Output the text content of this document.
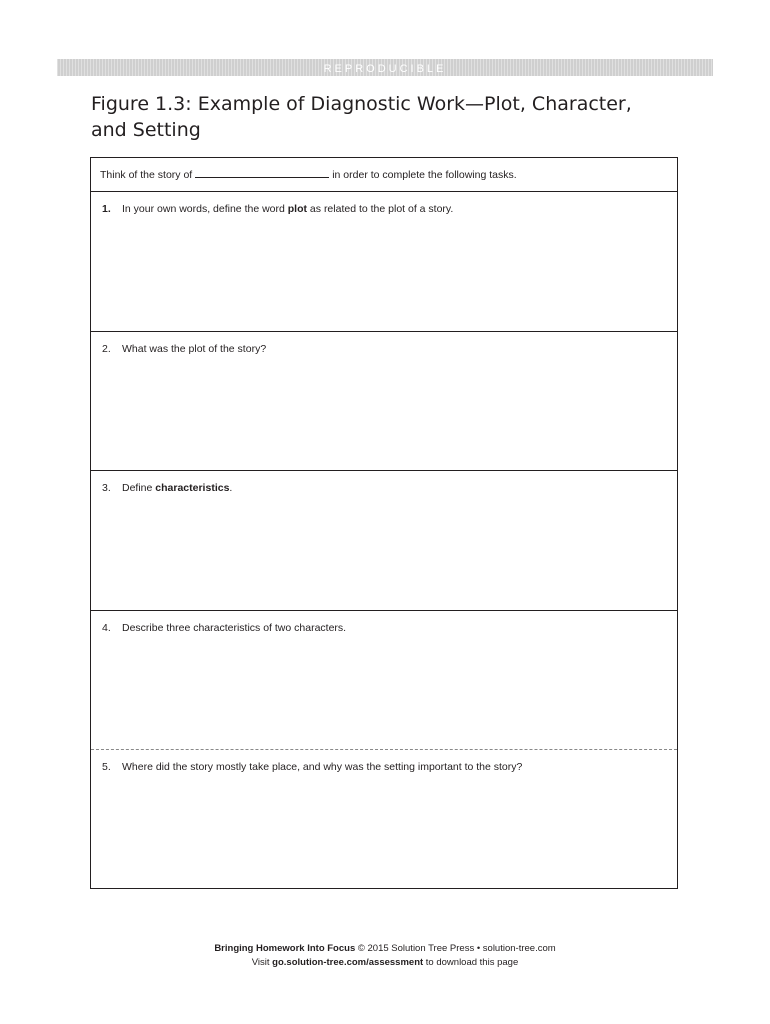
REPRODUCIBLE
Figure 1.3: Example of Diagnostic Work—Plot, Character,
and Setting
Think of the story of	in order to complete the following tasks.
1. In your own words, define the word plot as related to the plot of a story.
2. What was the plot of the story?
3. Define characteristics.
4. Describe three characteristics of two characters.
5. Where did the story mostly take place, and why was the setting important to the story?
Bringing Homework Into Focus © 2015 Solution Tree Press • solution-tree.com
Visit go.solution-tree.com/assessment to download this page
